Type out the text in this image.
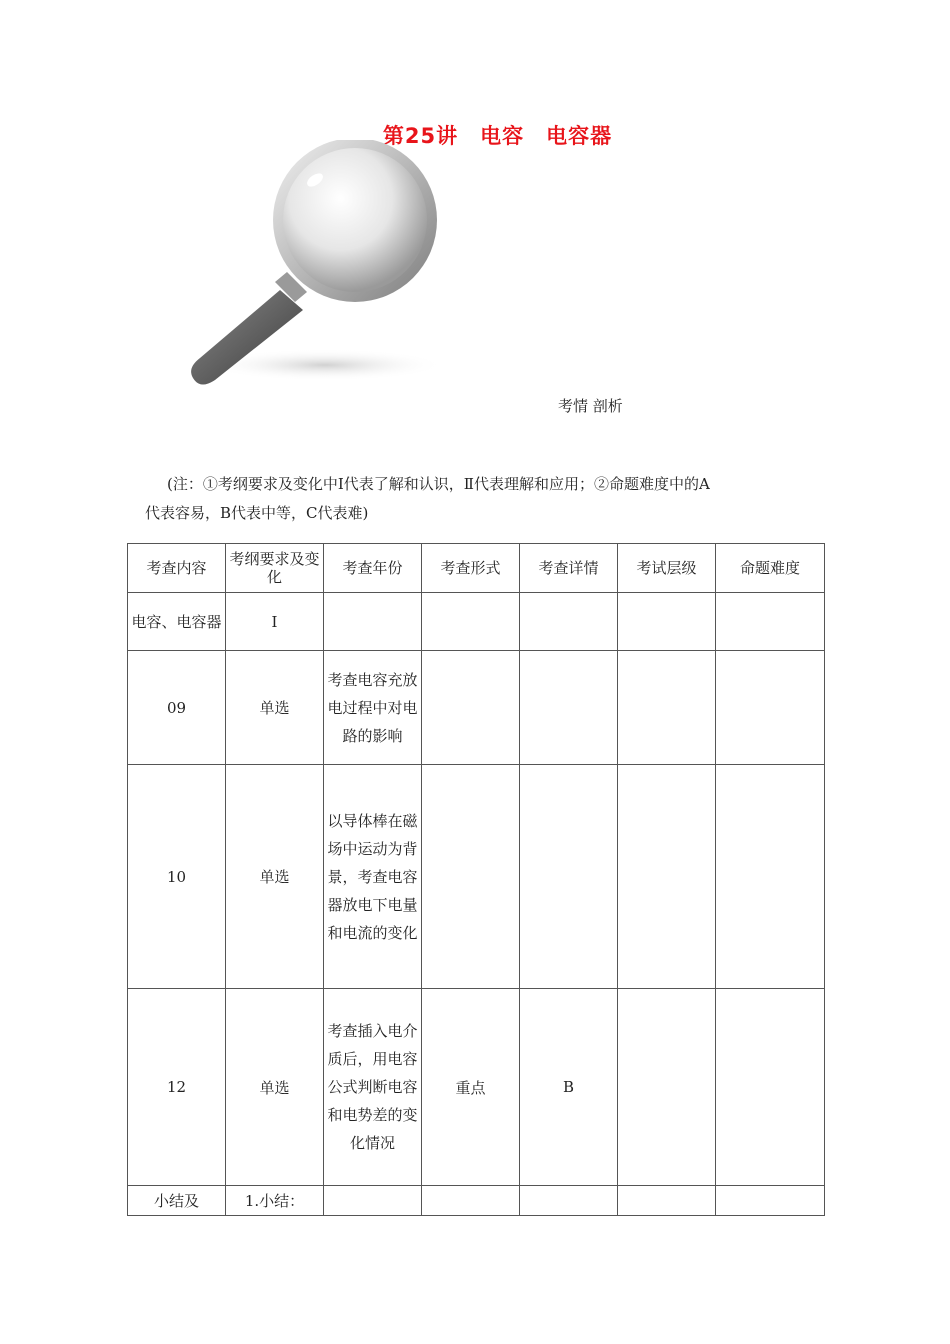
第25讲　电容　电容器
考情 剖析

(注：①考纲要求及变化中Ⅰ代表了解和认识，Ⅱ代表理解和应用；②命题难度中的A

代表容易，B代表中等，C代表难)

考查内容	考纲要求及变化	考查年份	考查形式	考查详情	考试层级	命题难度
电容、电容器	Ⅰ					
09	单选	考查电容充放电过程中对电路的影响				
10	单选	以导体棒在磁场中运动为背景，考查电容器放电下电量和电流的变化				
12	单选	考查插入电介质后，用电容公式判断电容和电势差的变化情况	重点	B		
小结及	1.小结：					
